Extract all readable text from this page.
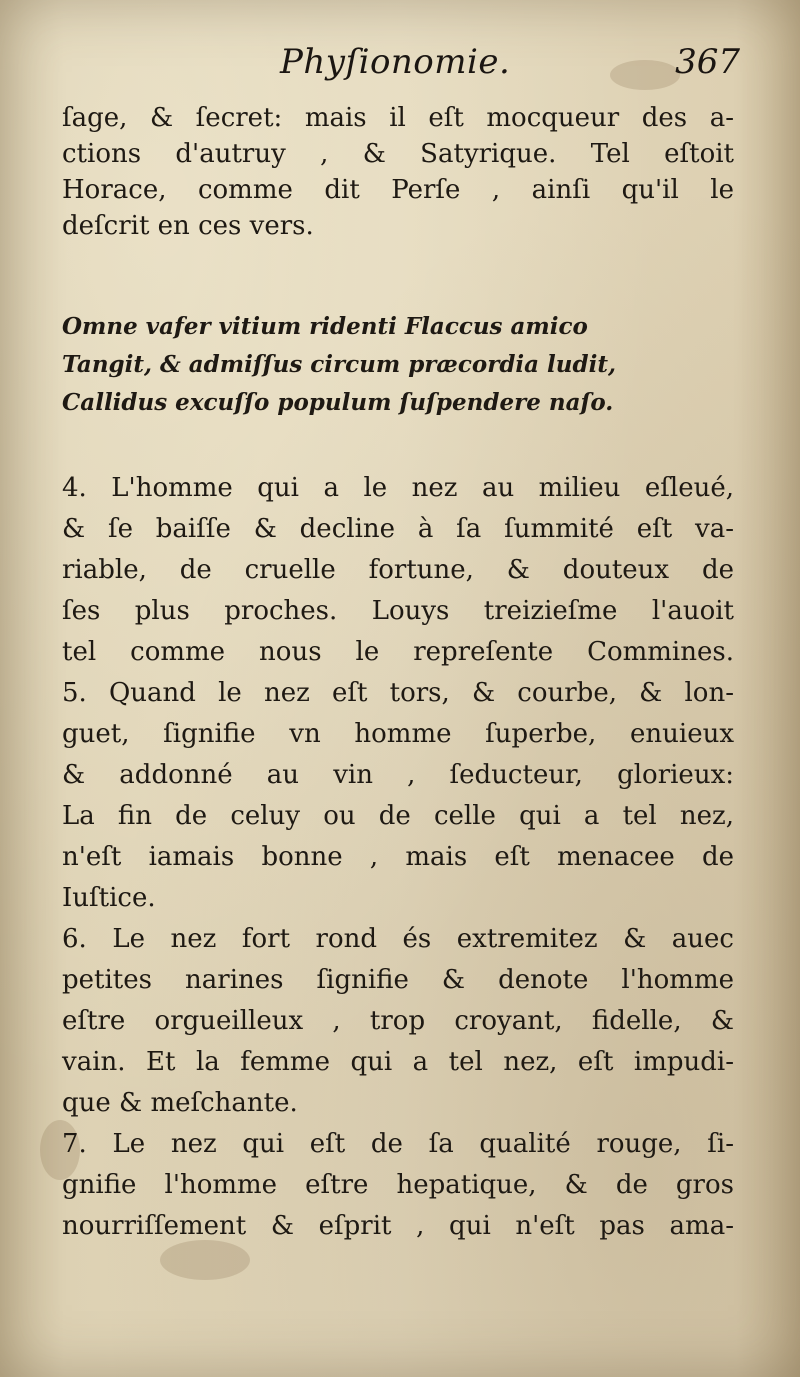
Phyſionomie.	367
ſage, & ſecret: mais il eſt mocqueur des a-
ctions d'autruy , & Satyrique. Tel eſtoit
Horace, comme dit Perſe , ainſi qu'il le
deſcrit en ces vers.
Omne vafer vitium ridenti Flaccus amico
Tangit, & admiſſus circum præcordia ludit,
Callidus excuſſo populum ſuſpendere naſo.
4. L'homme qui a le nez au milieu eſleué,
& ſe baiſſe & decline à ſa ſummité eſt va-
riable, de cruelle fortune, & douteux de
ſes plus proches. Louys treizieſme l'auoit
tel comme nous le repreſente Commines.
5. Quand le nez eſt tors, & courbe, & lon-
guet, ſignifie vn homme ſuperbe, enuieux
& addonné au vin , ſeducteur, glorieux:
La fin de celuy ou de celle qui a tel nez,
n'eſt iamais bonne , mais eſt menacee de
Iuſtice.
6. Le nez fort rond és extremitez & auec
petites narines ſignifie & denote l'homme
eſtre orgueilleux , trop croyant, fidelle, &
vain. Et la femme qui a tel nez, eſt impudi-
que & meſchante.
7. Le nez qui eſt de ſa qualité rouge, ſi-
gnifie l'homme eſtre hepatique, & de gros
nourriſſement & eſprit , qui n'eſt pas ama-
